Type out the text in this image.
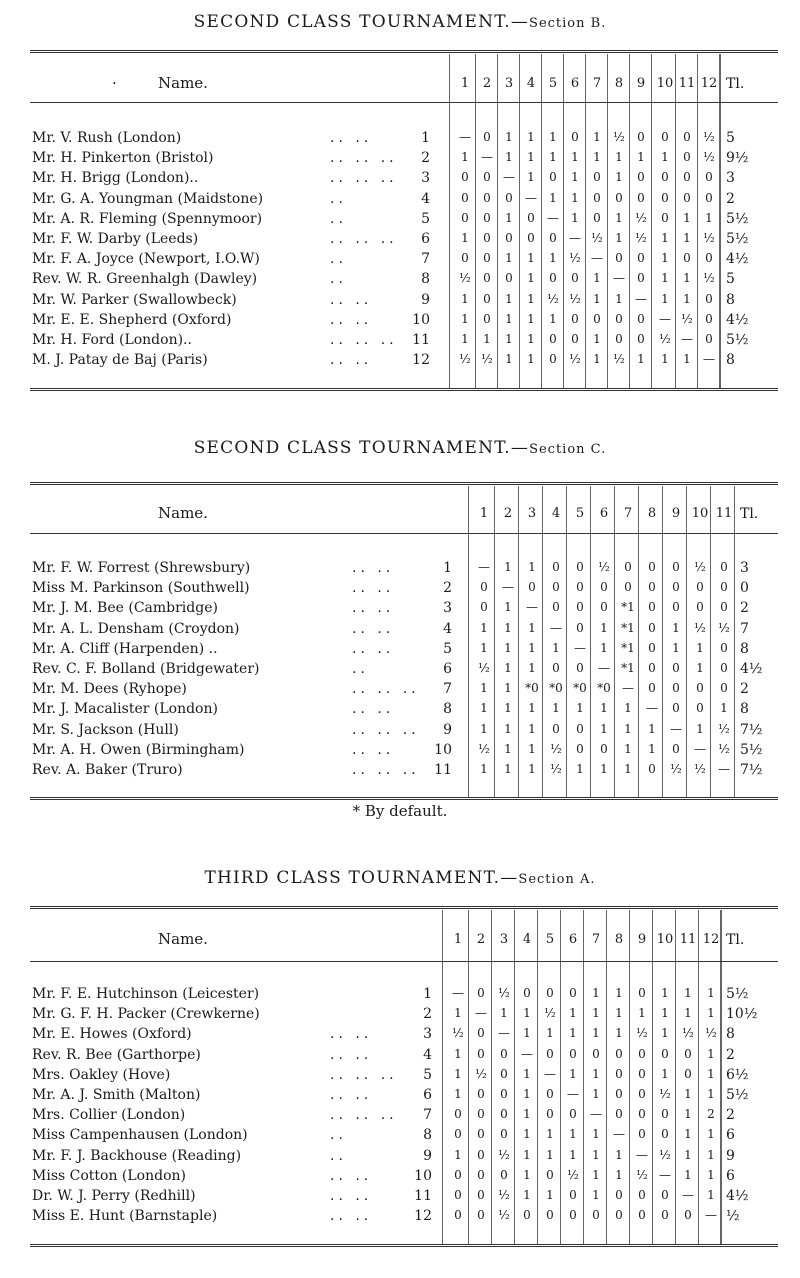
SECOND CLASS TOURNAMENT.—Section B.
.	Name.	1	2	3	4	5	6	7	8	9 10 11 12 Tl.
Mr. V. Rush (London)	.. ..	1	—	0	1	1	1	0	1	½	0	0	0	½ 5
Mr. H. Pinkerton (Bristol)	.. .. ..	2	1	—	1	1	1	1	1	1	1	1	0	½ 9½
Mr. H. Brigg (London)..	.. .. ..	3	0	0	—	1	0	1	0	1	0	0	0	0 3
Mr. G. A. Youngman (Maidstone)	..	4	0	0	0	—	1	1	0	0	0	0	0	0 2
Mr. A. R. Fleming (Spennymoor)	..	5	0	0	1	0	—	1	0	1	½	0	1	1 5½
Mr. F. W. Darby (Leeds)	.. .. ..	6	1	0	0	0	0	— ½	1	½	1	1	½ 5½
Mr. F. A. Joyce (Newport, I.O.W)	..	7	0	0	1	1	1	½ —	0	0	1	0	0 4½
Rev. W. R. Greenhalgh (Dawley)	..	8	½	0	0	1	0	0	1	—	0	1	1	½ 5
Mr. W. Parker (Swallowbeck)	.. ..	9	1	0	1	1	½ ½	1	1	—	1	1	0 8
Mr. E. E. Shepherd (Oxford)	.. ..	10	1	0	1	1	1	0	0	0	0	— ½	0 4½
Mr. H. Ford (London)..	.. .. .. 11	1	1	1	1	0	0	1	0	0	½ —	0 5½
M. J. Patay de Baj (Paris)	.. ..	12	½ ½	1	1	0	½	1	½	1	1	1	— 8
SECOND CLASS TOURNAMENT.—Section C.
Name.	1	2	3	4	5	6	7	8	9 10 11 Tl.
Mr. F. W. Forrest (Shrewsbury)	.. ..	1	—	1	1	0	0	½	0	0	0	½	0 3
Miss M. Parkinson (Southwell)	.. ..	2	0	—	0	0	0	0	0	0	0	0	0 0
Mr. J. M. Bee (Cambridge)	.. ..	3	0	1	—	0	0	0	*1	0	0	0	0 2
Mr. A. L. Densham (Croydon)	.. ..	4	1	1	1	—	0	1	*1	0	1	½	½ 7
Mr. A. Cliff (Harpenden) ..	.. ..	5	1	1	1	1	—	1	*1	0	1	1	0 8
Rev. C. F. Bolland (Bridgewater)	..	6	½	1	1	0	0	— *1	0	0	1	0 4½
Mr. M. Dees (Ryhope)	.. .. ..	7	1	1	*0 *0 *0 *0 —	0	0	0	0 2
Mr. J. Macalister (London)	.. ..	8	1	1	1	1	1	1	1	—	0	0	1 8
Mr. S. Jackson (Hull)	.. .. ..	9	1	1	1	0	0	1	1	1	—	1	½ 7½
Mr. A. H. Owen (Birmingham)	.. ..	10	½	1	1	½	0	0	1	1	0	—	½ 5½
Rev. A. Baker (Truro)	.. .. .. 11	1	1	1	½	1	1	1	0	½	½	— 7½
* By default.
THIRD CLASS TOURNAMENT.—Section A.
Name.	1	2	3	4	5	6	7	8	9 10 11 12 Tl.
Mr. F. E. Hutchinson (Leicester)	1	—	0	½	0	0	0	1	1	0	1	1	1 5½
Mr. G. F. H. Packer (Crewkerne)	2	1	—	1	1	½	1	1	1	1	1	1	1 10½
Mr. E. Howes (Oxford)	.. ..	3	½	0	—	1	1	1	1	1	½	1	½ ½ 8
Rev. R. Bee (Garthorpe)	.. ..	4	1	0	0	—	0	0	0	0	0	0	0	1 2
Mrs. Oakley (Hove)	.. .. ..	5	1	½	0	1	—	1	1	0	0	1	0	1 6½
Mr. A. J. Smith (Malton)	.. ..	6	1	0	0	1	0	—	1	0	0	½	1	1 5½
Mrs. Collier (London)	.. .. ..	7	0	0	0	1	0	0	—	0	0	0	1	2 2
Miss Campenhausen (London)	..	8	0	0	0	1	1	1	1	—	0	0	1	1 6
Mr. F. J. Backhouse (Reading)	..	9	1	0	½	1	1	1	1	1	— ½	1	1 9
Miss Cotton (London)	.. ..	10	0	0	0	1	0	½	1	1	½ —	1	1 6
Dr. W. J. Perry (Redhill)	.. ..	11	0	0	½	1	1	0	1	0	0	0	—	1 4½
Miss E. Hunt (Barnstaple)	.. ..	12	0	0	½	0	0	0	0	0	0	0	0	— ½
